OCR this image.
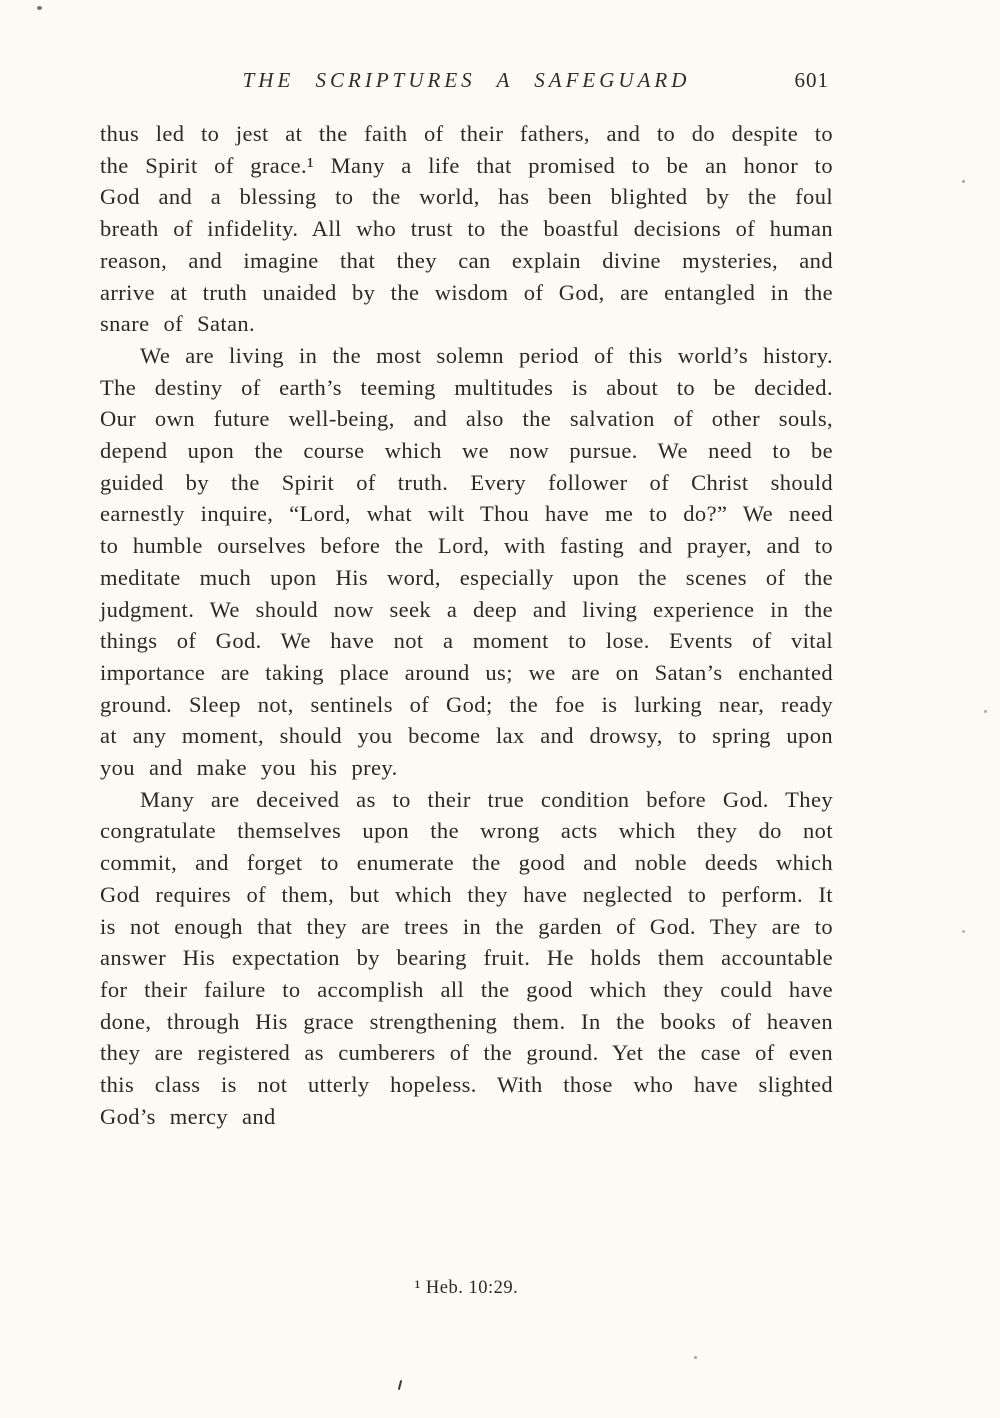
THE SCRIPTURES A SAFEGUARD	601

thus led to jest at the faith of their fathers, and to do despite to the Spirit of grace.¹ Many a life that promised to be an honor to God and a blessing to the world, has been blighted by the foul breath of infidelity. All who trust to the boastful decisions of human reason, and imagine that they can explain divine mysteries, and arrive at truth unaided by the wisdom of God, are entangled in the snare of Satan.

We are living in the most solemn period of this world’s history. The destiny of earth’s teeming multitudes is about to be decided. Our own future well-being, and also the salvation of other souls, depend upon the course which we now pursue. We need to be guided by the Spirit of truth. Every follower of Christ should earnestly inquire, “Lord, what wilt Thou have me to do?” We need to humble ourselves before the Lord, with fasting and prayer, and to meditate much upon His word, especially upon the scenes of the judgment. We should now seek a deep and living experience in the things of God. We have not a moment to lose. Events of vital importance are taking place around us; we are on Satan’s enchanted ground. Sleep not, sentinels of God; the foe is lurking near, ready at any moment, should you become lax and drowsy, to spring upon you and make you his prey.

Many are deceived as to their true condition before God. They congratulate themselves upon the wrong acts which they do not commit, and forget to enumerate the good and noble deeds which God requires of them, but which they have neglected to perform. It is not enough that they are trees in the garden of God. They are to answer His expectation by bearing fruit. He holds them accountable for their failure to accomplish all the good which they could have done, through His grace strengthening them. In the books of heaven they are registered as cumberers of the ground. Yet the case of even this class is not utterly hopeless. With those who have slighted God’s mercy and

¹ Heb. 10:29.
